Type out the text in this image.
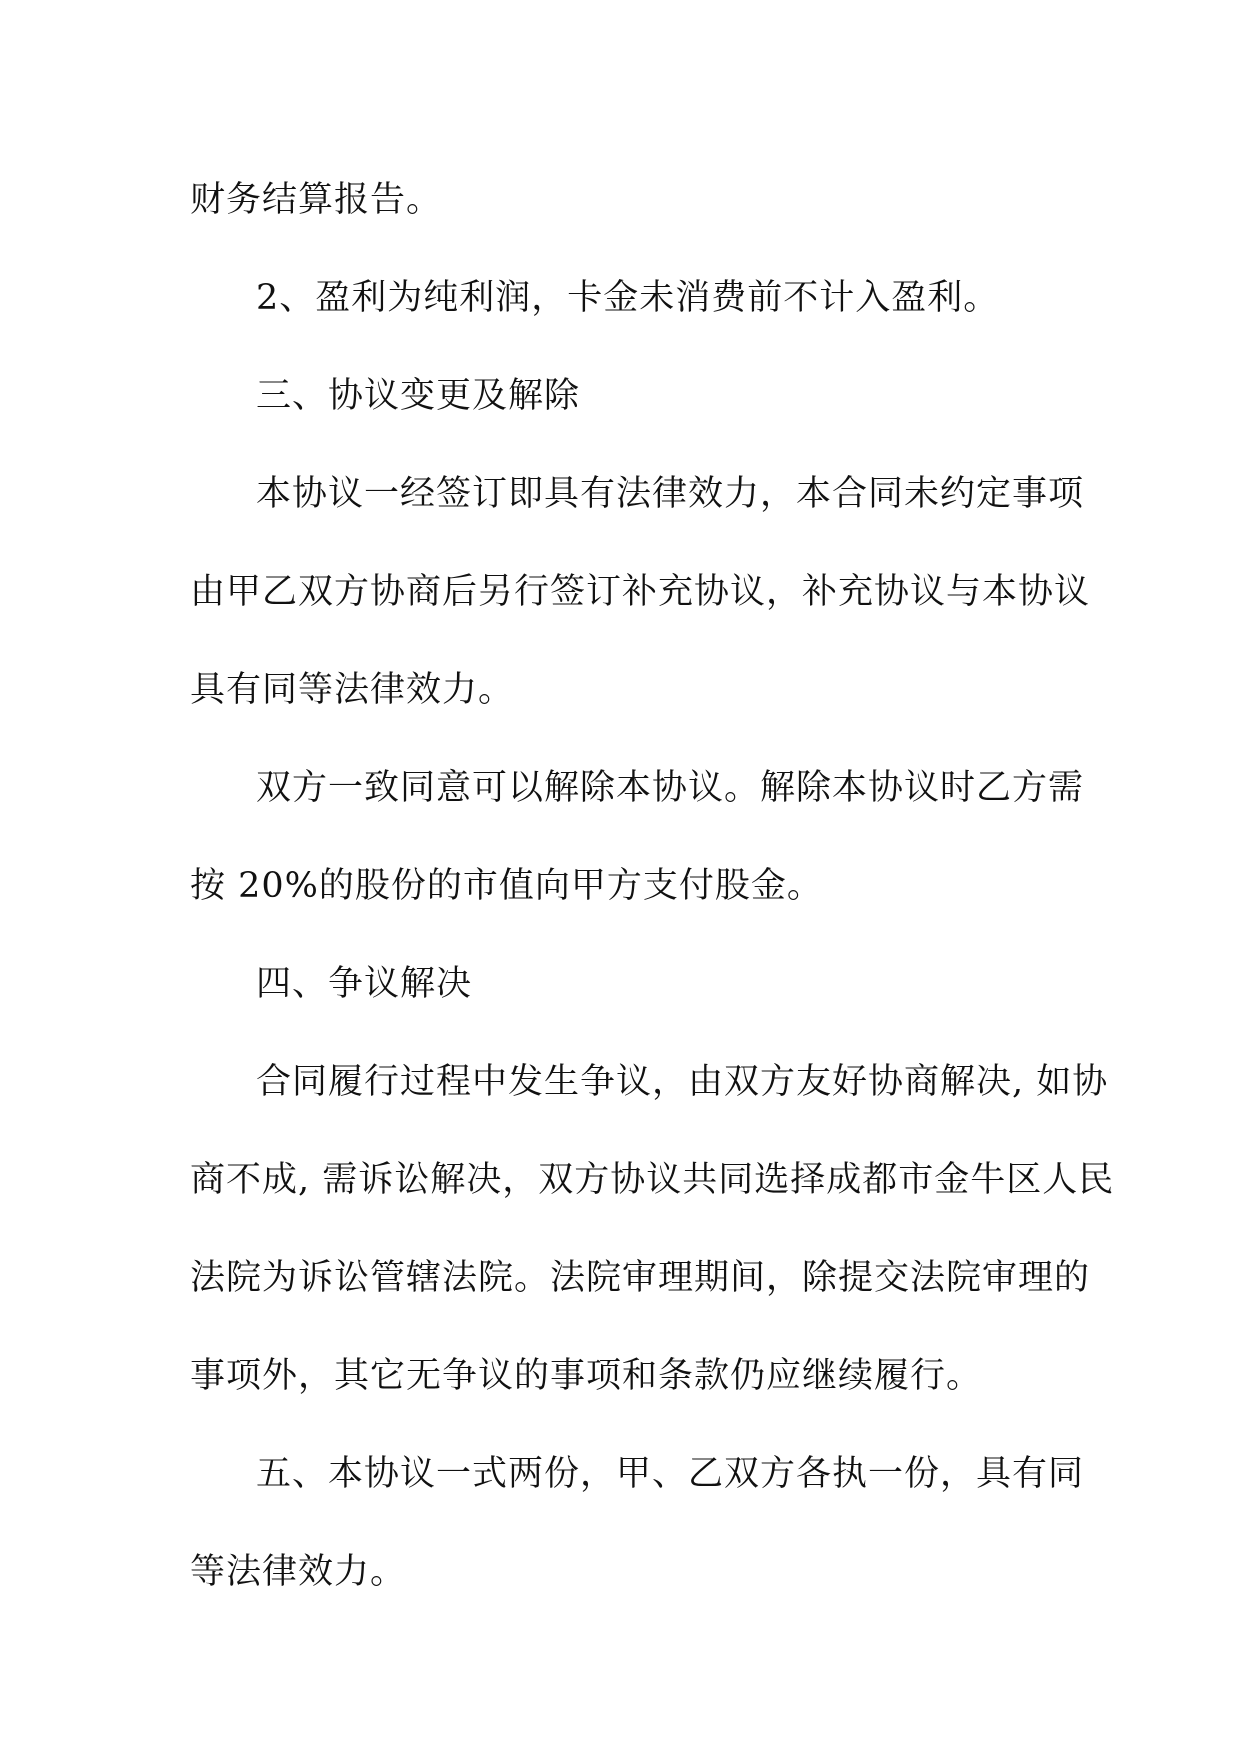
财务结算报告。
2、盈利为纯利润，卡金未消费前不计入盈利。
三、协议变更及解除
本协议一经签订即具有法律效力，本合同未约定事项
由甲乙双方协商后另行签订补充协议，补充协议与本协议
具有同等法律效力。
双方一致同意可以解除本协议。解除本协议时乙方需
按 20%的股份的市值向甲方支付股金。
四、争议解决
合同履行过程中发生争议，由双方友好协商解决, 如协
商不成, 需诉讼解决，双方协议共同选择成都市金牛区人民
法院为诉讼管辖法院。法院审理期间，除提交法院审理的
事项外，其它无争议的事项和条款仍应继续履行。
五、本协议一式两份，甲、乙双方各执一份，具有同
等法律效力。
